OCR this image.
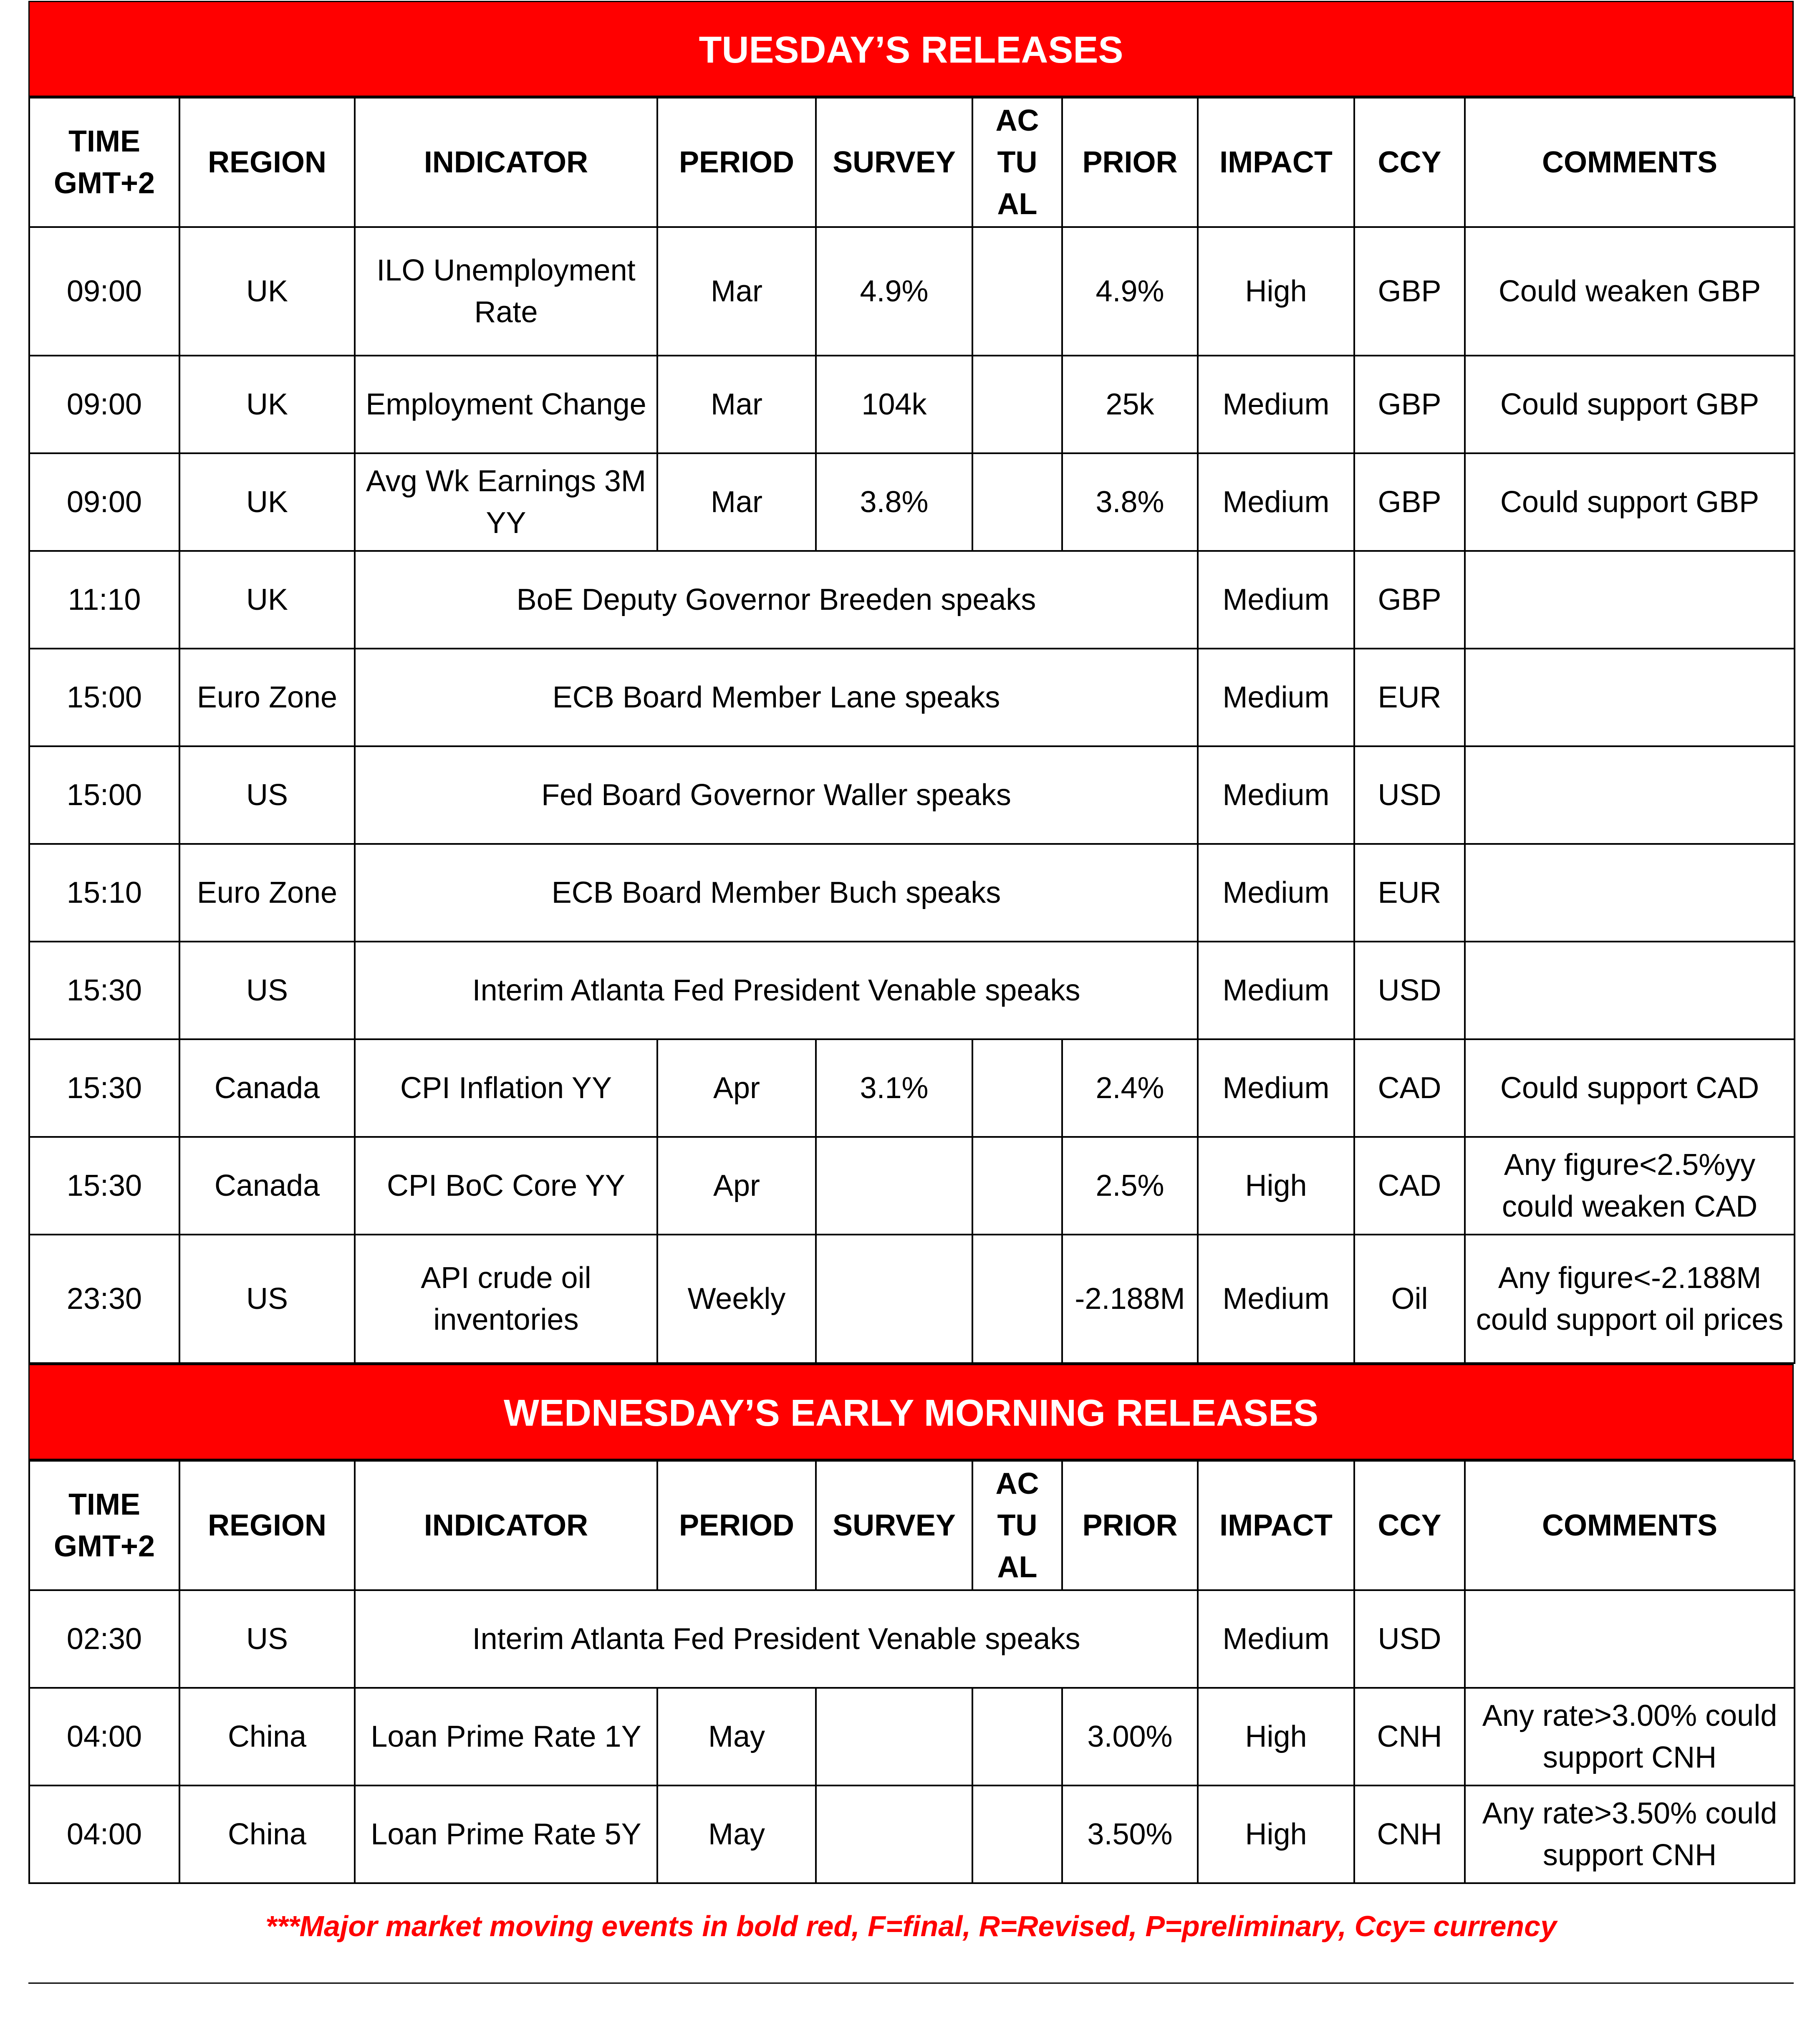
TUESDAY’S RELEASES
TIME GMT+2	REGION	INDICATOR	PERIOD	SURVEY	AC TU AL	PRIOR	IMPACT	CCY	COMMENTS
09:00	UK	ILO Unemployment Rate	Mar	4.9%		4.9%	High	GBP	Could weaken GBP
09:00	UK	Employment Change	Mar	104k		25k	Medium	GBP	Could support GBP
09:00	UK	Avg Wk Earnings 3M YY	Mar	3.8%		3.8%	Medium	GBP	Could support GBP
11:10	UK	BoE Deputy Governor Breeden speaks					Medium	GBP	
15:00	Euro Zone	ECB Board Member Lane speaks					Medium	EUR	
15:00	US	Fed Board Governor Waller speaks					Medium	USD	
15:10	Euro Zone	ECB Board Member Buch speaks					Medium	EUR	
15:30	US	Interim Atlanta Fed President Venable speaks					Medium	USD	
15:30	Canada	CPI Inflation YY	Apr	3.1%		2.4%	Medium	CAD	Could support CAD
15:30	Canada	CPI BoC Core YY	Apr			2.5%	High	CAD	Any figure<2.5%yy could weaken CAD
23:30	US	API crude oil inventories	Weekly			-2.188M	Medium	Oil	Any figure<-2.188M could support oil prices
WEDNESDAY’S EARLY MORNING RELEASES
TIME GMT+2	REGION	INDICATOR	PERIOD	SURVEY	AC TU AL	PRIOR	IMPACT	CCY	COMMENTS
02:30	US	Interim Atlanta Fed President Venable speaks					Medium	USD	
04:00	China	Loan Prime Rate 1Y	May			3.00%	High	CNH	Any rate>3.00% could support CNH
04:00	China	Loan Prime Rate 5Y	May			3.50%	High	CNH	Any rate>3.50% could support CNH
***Major market moving events in bold red, F=final, R=Revised, P=preliminary, Ccy= currency
